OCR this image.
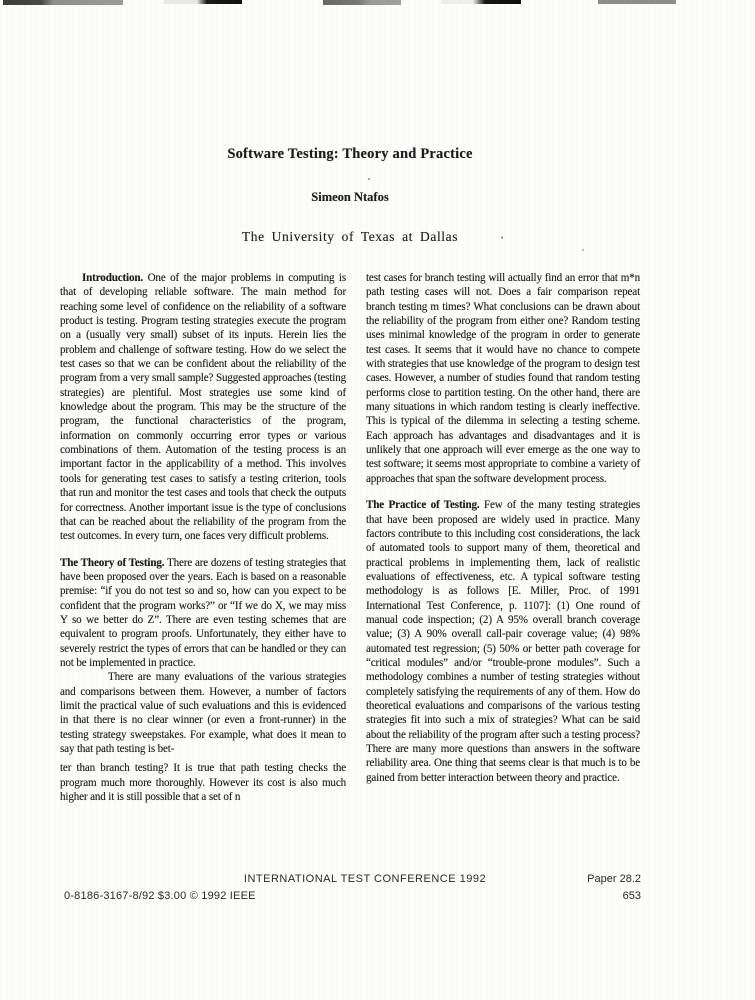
Software Testing: Theory and Practice
Simeon Ntafos
The University of Texas at Dallas

Introduction. One of the major problems in computing is that of developing reliable software. The main method for reaching some level of confidence on the reliability of a software product is testing. Program testing strategies execute the program on a (usually very small) subset of its inputs. Herein lies the problem and challenge of software testing. How do we select the test cases so that we can be confident about the reliability of the program from a very small sample? Suggested approaches (testing strategies) are plentiful. Most strategies use some kind of knowledge about the program. This may be the structure of the program, the functional characteristics of the program, information on commonly occurring error types or various combinations of them. Automation of the testing process is an important factor in the applicability of a method. This involves tools for generating test cases to satisfy a testing criterion, tools that run and monitor the test cases and tools that check the outputs for correctness. Another important issue is the type of conclusions that can be reached about the reliability of the program from the test outcomes. In every turn, one faces very difficult problems.

The Theory of Testing. There are dozens of testing strategies that have been proposed over the years. Each is based on a reasonable premise: “if you do not test so and so, how can you expect to be confident that the program works?” or “If we do X, we may miss Y so we better do Z”. There are even testing schemes that are equivalent to program proofs. Unfortunately, they either have to severely restrict the types of errors that can be handled or they can not be implemented in practice.

There are many evaluations of the various strategies and comparisons between them. However, a number of factors limit the practical value of such evaluations and this is evidenced in that there is no clear winner (or even a front-runner) in the testing strategy sweepstakes. For example, what does it mean to say that path testing is bet-

ter than branch testing? It is true that path testing checks the program much more thoroughly. However its cost is also much higher and it is still possible that a set of n

test cases for branch testing will actually find an error that m*n path testing cases will not. Does a fair comparison repeat branch testing m times? What conclusions can be drawn about the reliability of the program from either one? Random testing uses minimal knowledge of the program in order to generate test cases. It seems that it would have no chance to compete with strategies that use knowledge of the program to design test cases. However, a number of studies found that random testing performs close to partition testing. On the other hand, there are many situations in which random testing is clearly ineffective. This is typical of the dilemma in selecting a testing scheme. Each approach has advantages and disadvantages and it is unlikely that one approach will ever emerge as the one way to test software; it seems most appropriate to combine a variety of approaches that span the software development process.

The Practice of Testing. Few of the many testing strategies that have been proposed are widely used in practice. Many factors contribute to this including cost considerations, the lack of automated tools to support many of them, theoretical and practical problems in implementing them, lack of realistic evaluations of effectiveness, etc. A typical software testing methodology is as follows [E. Miller, Proc. of 1991 International Test Conference, p. 1107]: (1) One round of manual code inspection; (2) A 95% overall branch coverage value; (3) A 90% overall call-pair coverage value; (4) 98% automated test regression; (5) 50% or better path coverage for “critical modules” and/or “trouble-prone modules”. Such a methodology combines a number of testing strategies without completely satisfying the requirements of any of them. How do theoretical evaluations and comparisons of the various testing strategies fit into such a mix of strategies? What can be said about the reliability of the program after such a testing process? There are many more questions than answers in the software reliability area. One thing that seems clear is that much is to be gained from better interaction between theory and practice.

INTERNATIONAL TEST CONFERENCE 1992	Paper 28.2
0-8186-3167-8/92 $3.00 © 1992 IEEE	653
